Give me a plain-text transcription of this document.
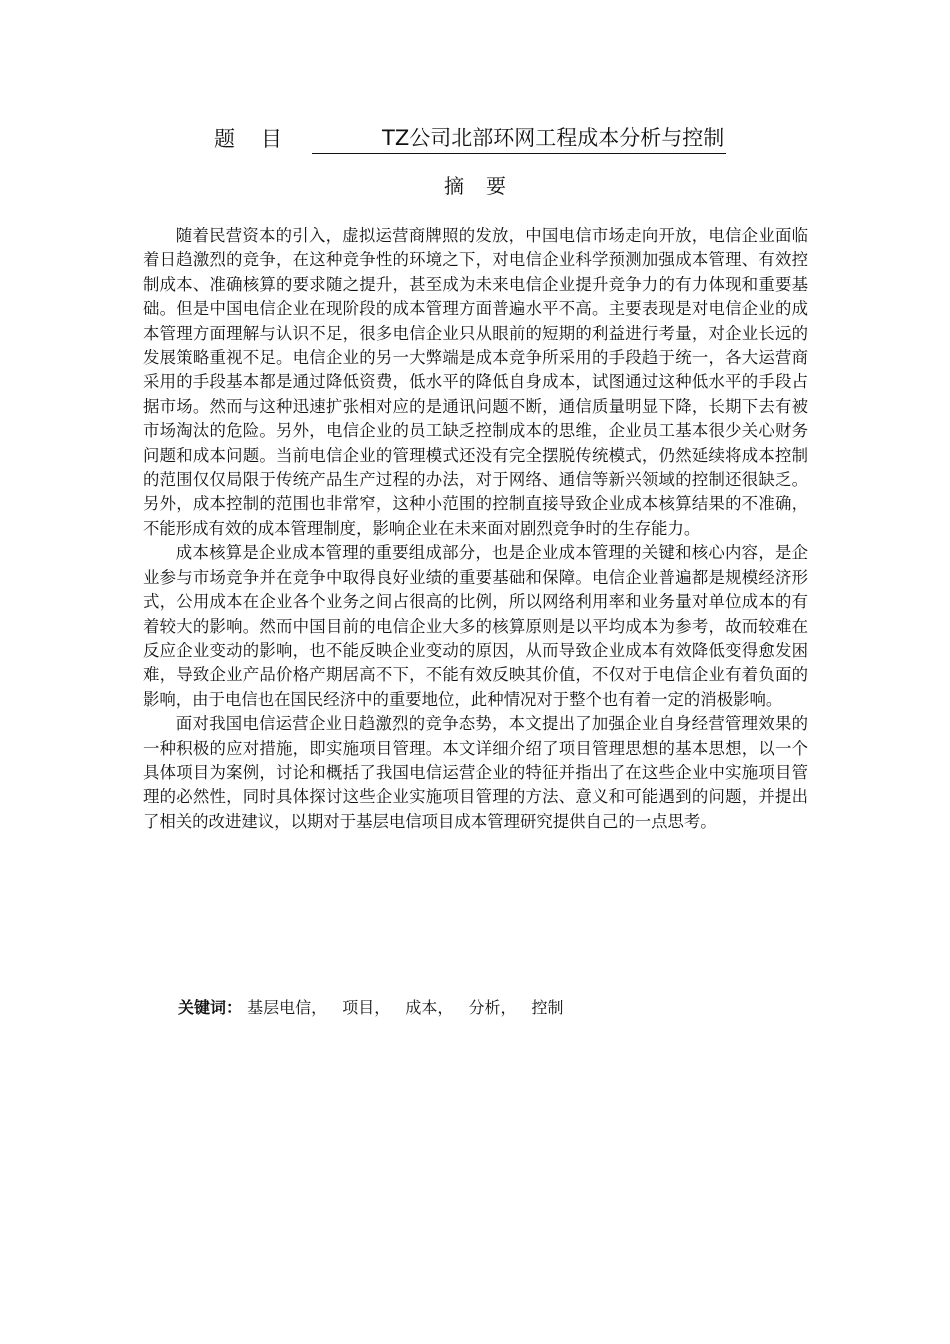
题目	TZ公司北部环网工程成本分析与控制
摘要

随着民营资本的引入，虚拟运营商牌照的发放，中国电信市场走向开放，电信企业面临着日趋激烈的竞争，在这种竞争性的环境之下，对电信企业科学预测加强成本管理、有效控制成本、准确核算的要求随之提升，甚至成为未来电信企业提升竞争力的有力体现和重要基础。但是中国电信企业在现阶段的成本管理方面普遍水平不高。主要表现是对电信企业的成本管理方面理解与认识不足，很多电信企业只从眼前的短期的利益进行考量，对企业长远的发展策略重视不足。电信企业的另一大弊端是成本竞争所采用的手段趋于统一，各大运营商采用的手段基本都是通过降低资费，低水平的降低自身成本，试图通过这种低水平的手段占据市场。然而与这种迅速扩张相对应的是通讯问题不断，通信质量明显下降，长期下去有被市场淘汰的危险。另外，电信企业的员工缺乏控制成本的思维，企业员工基本很少关心财务问题和成本问题。当前电信企业的管理模式还没有完全摆脱传统模式，仍然延续将成本控制的范围仅仅局限于传统产品生产过程的办法，对于网络、通信等新兴领域的控制还很缺乏。另外，成本控制的范围也非常窄，这种小范围的控制直接导致企业成本核算结果的不准确，不能形成有效的成本管理制度，影响企业在未来面对剧烈竞争时的生存能力。

成本核算是企业成本管理的重要组成部分，也是企业成本管理的关键和核心内容，是企业参与市场竞争并在竞争中取得良好业绩的重要基础和保障。电信企业普遍都是规模经济形式，公用成本在企业各个业务之间占很高的比例，所以网络利用率和业务量对单位成本的有着较大的影响。然而中国目前的电信企业大多的核算原则是以平均成本为参考，故而较难在反应企业变动的影响，也不能反映企业变动的原因，从而导致企业成本有效降低变得愈发困难，导致企业产品价格产期居高不下，不能有效反映其价值，不仅对于电信企业有着负面的影响，由于电信也在国民经济中的重要地位，此种情况对于整个也有着一定的消极影响。

面对我国电信运营企业日趋激烈的竞争态势，本文提出了加强企业自身经营管理效果的一种积极的应对措施，即实施项目管理。本文详细介绍了项目管理思想的基本思想，以一个具体项目为案例，讨论和概括了我国电信运营企业的特征并指出了在这些企业中实施项目管理的必然性，同时具体探讨这些企业实施项目管理的方法、意义和可能遇到的问题，并提出了相关的改进建议，以期对于基层电信项目成本管理研究提供自己的一点思考。

关键词： 基层电信， 项目， 成本， 分析， 控制
